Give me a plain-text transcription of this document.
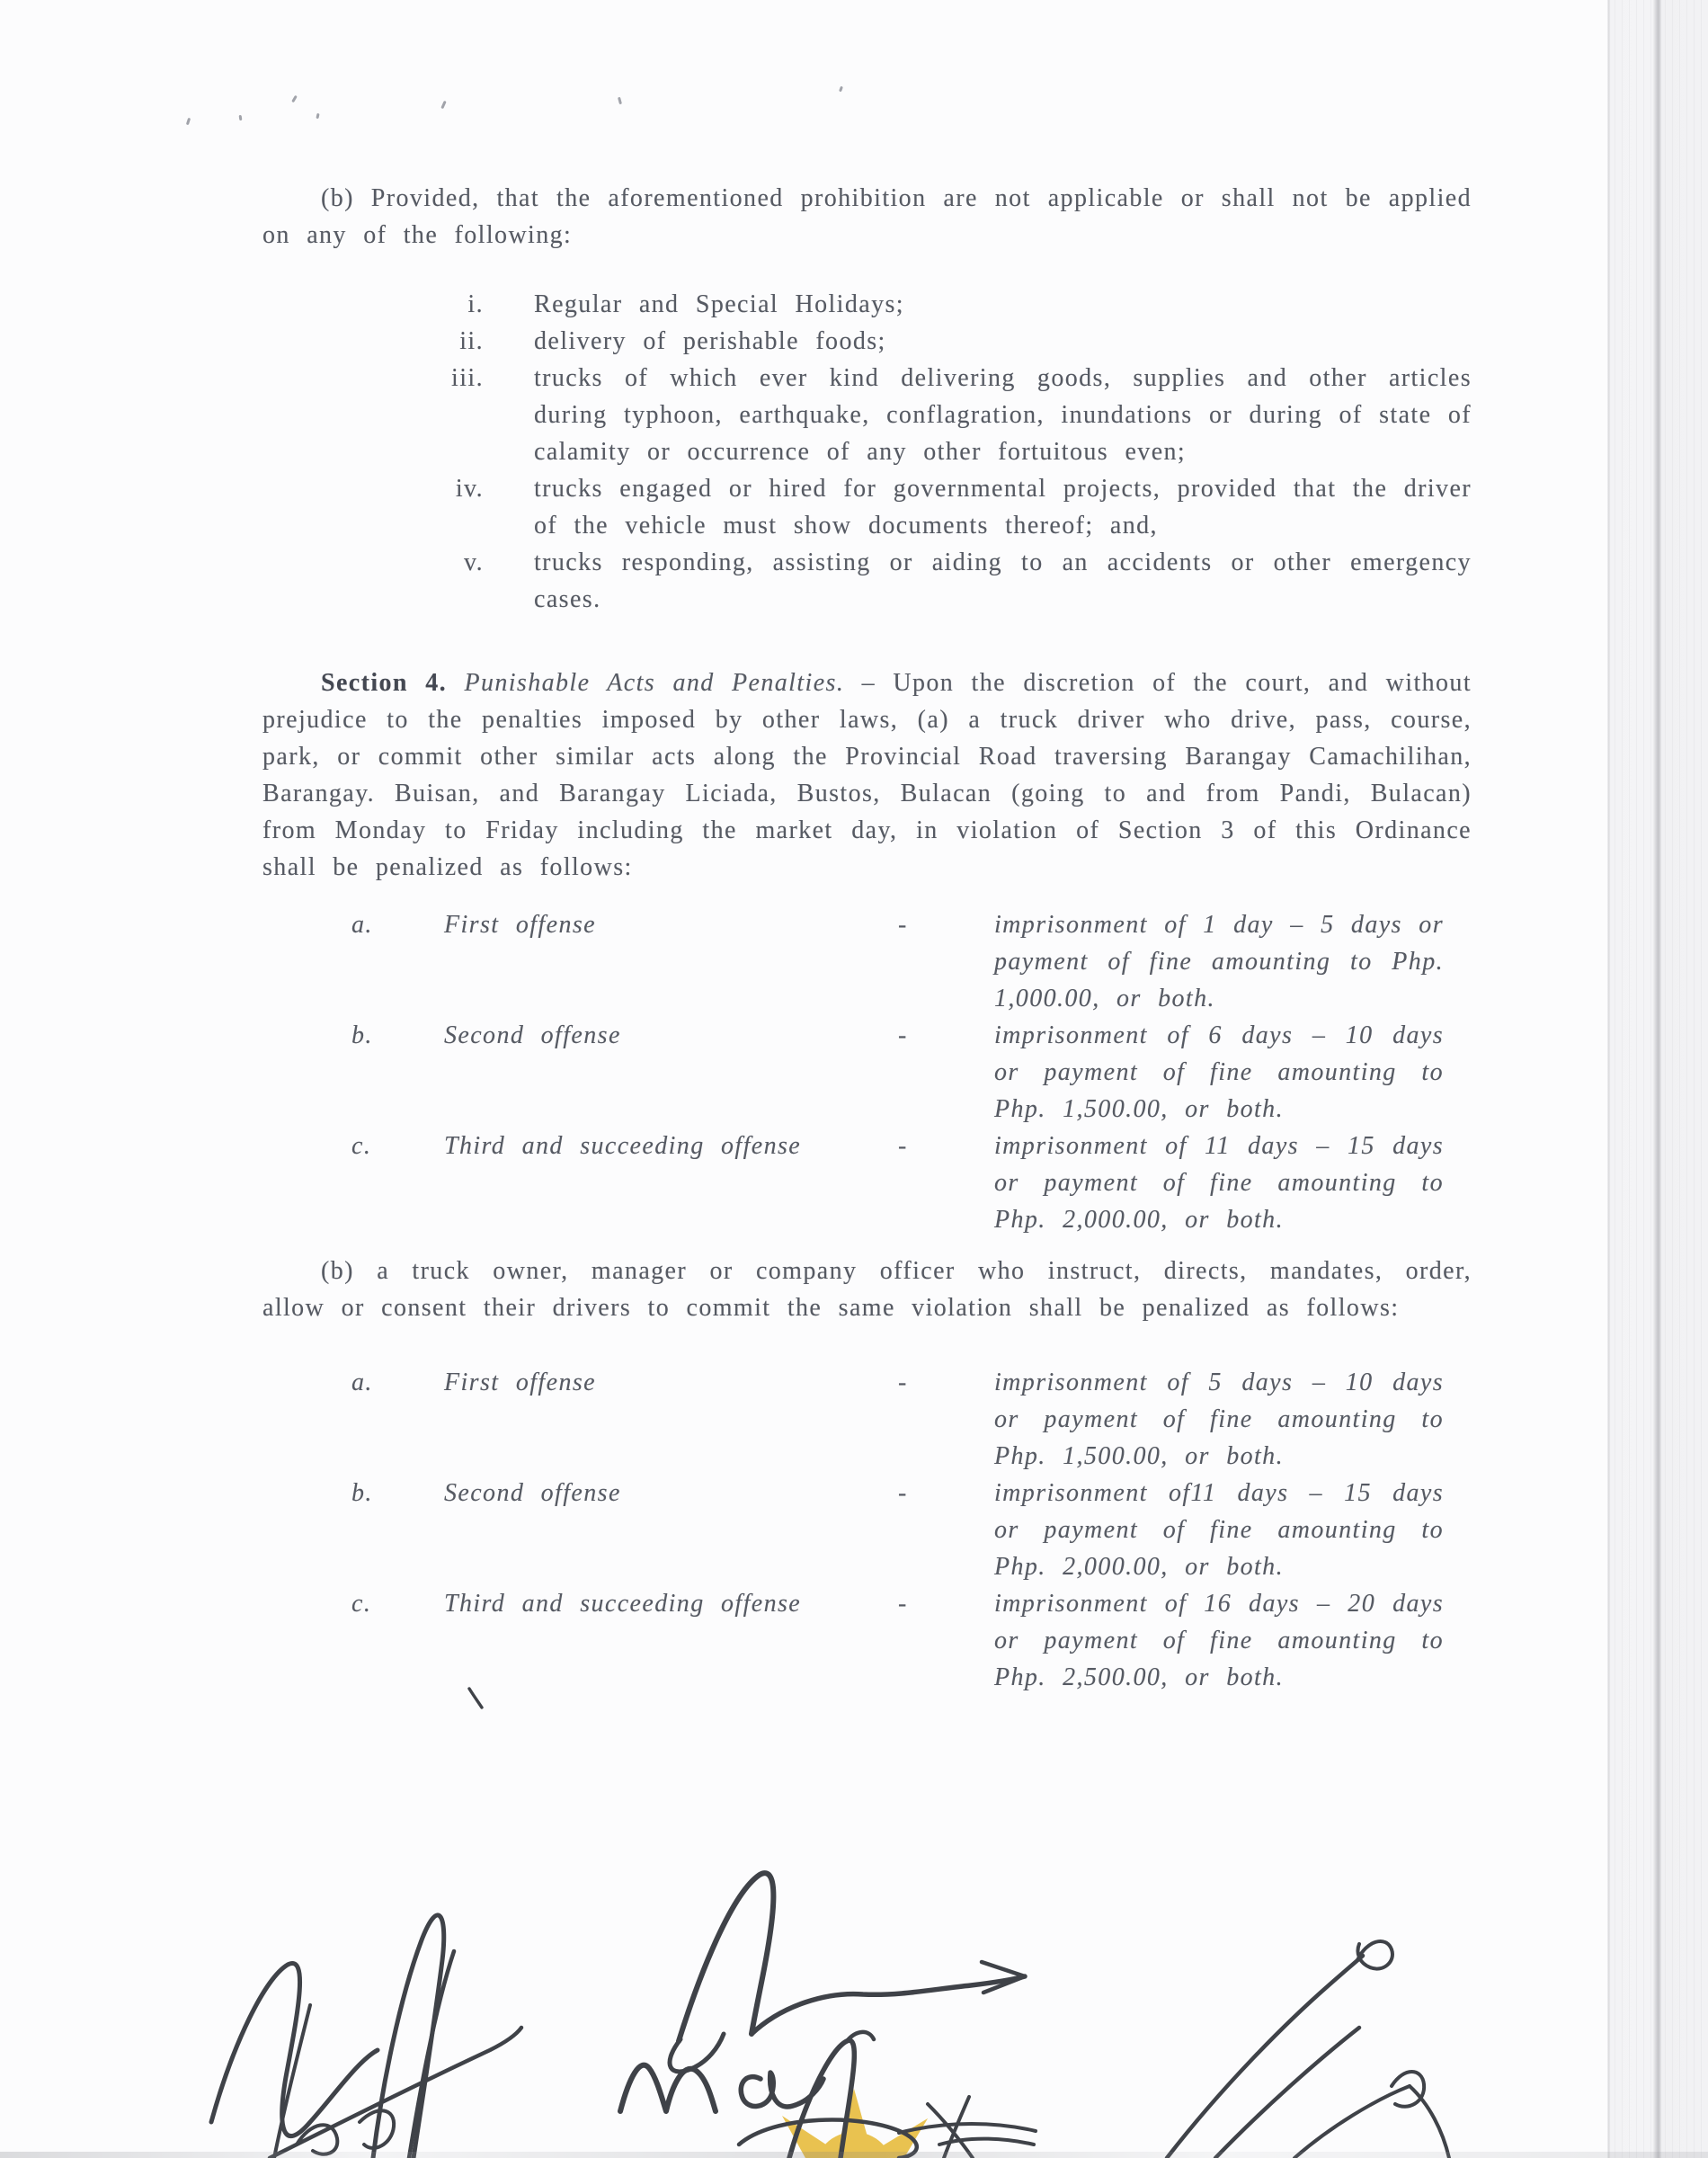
(b) Provided, that the aforementioned prohibition are not applicable or shall not be applied on any of the following:

i. Regular and Special Holidays;
ii. delivery of perishable foods;
iii. trucks of which ever kind delivering goods, supplies and other articles during typhoon, earthquake, conflagration, inundations or during of state of calamity or occurrence of any other fortuitous even;
iv. trucks engaged or hired for governmental projects, provided that the driver of the vehicle must show documents thereof; and,
v. trucks responding, assisting or aiding to an accidents or other emergency cases.

Section 4. Punishable Acts and Penalties. – Upon the discretion of the court, and without prejudice to the penalties imposed by other laws, (a) a truck driver who drive, pass, course, park, or commit other similar acts along the Provincial Road traversing Barangay Camachilihan, Barangay. Buisan, and Barangay Liciada, Bustos, Bulacan (going to and from Pandi, Bulacan) from Monday to Friday including the market day, in violation of Section 3 of this Ordinance shall be penalized as follows:

a.	First offense	-	imprisonment of 1 day – 5 days or payment of fine amounting to Php. 1,000.00, or both.
b.	Second offense	-	imprisonment of 6 days – 10 days or payment of fine amounting to Php. 1,500.00, or both.
c.	Third and succeeding offense	-	imprisonment of 11 days – 15 days or payment of fine amounting to Php. 2,000.00, or both.

(b) a truck owner, manager or company officer who instruct, directs, mandates, order, allow or consent their drivers to commit the same violation shall be penalized as follows:

a.	First offense	-	imprisonment of 5 days – 10 days or payment of fine amounting to Php. 1,500.00, or both.
b.	Second offense	-	imprisonment of11 days – 15 days or payment of fine amounting to Php. 2,000.00, or both.
c.	Third and succeeding offense	-	imprisonment of 16 days – 20 days or payment of fine amounting to Php. 2,500.00, or both.
